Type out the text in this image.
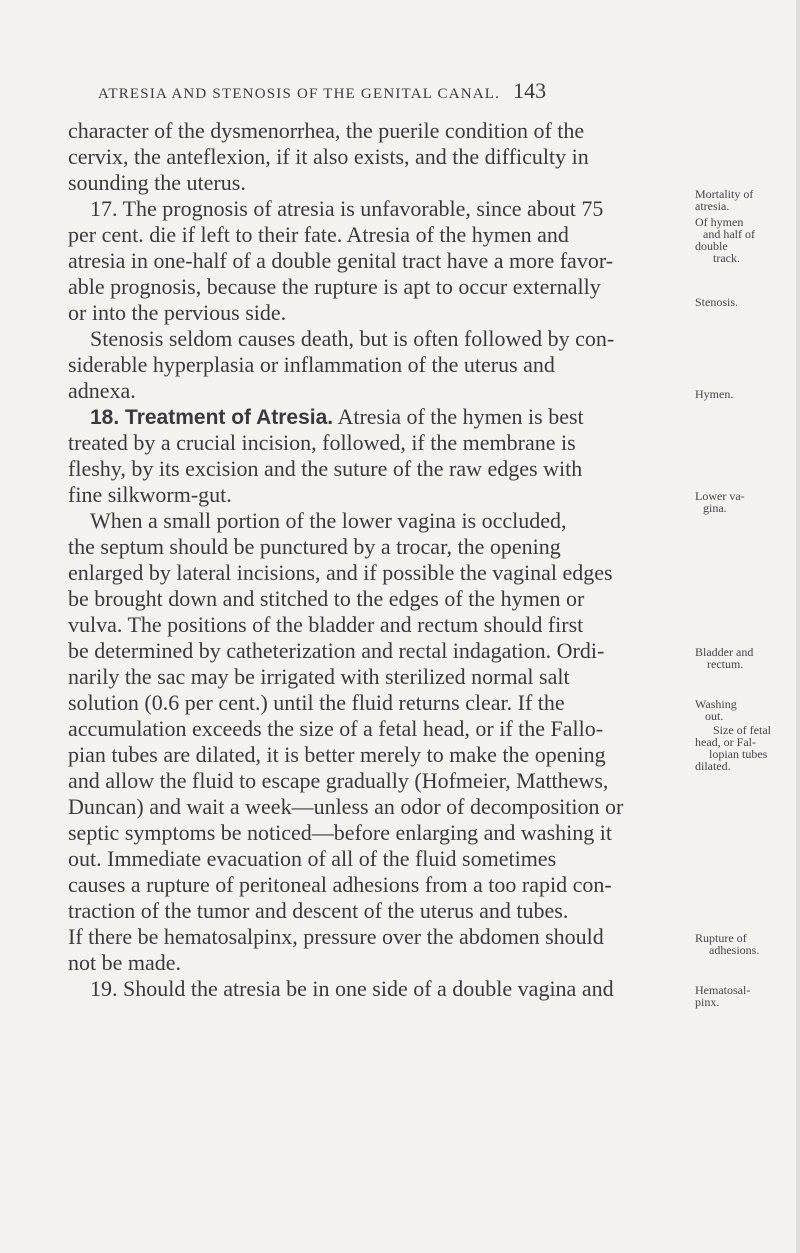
ATRESIA AND STENOSIS OF THE GENITAL CANAL. 143
character of the dysmenorrhea, the puerile condition of the
cervix, the anteflexion, if it also exists, and the difficulty in
sounding the uterus.
17. The prognosis of atresia is unfavorable, since about 75
per cent. die if left to their fate. Atresia of the hymen and
atresia in one-half of a double genital tract have a more favor-
able prognosis, because the rupture is apt to occur externally
or into the pervious side.
Stenosis seldom causes death, but is often followed by con-
siderable hyperplasia or inflammation of the uterus and
adnexa.
18. Treatment of Atresia. Atresia of the hymen is best
treated by a crucial incision, followed, if the membrane is
fleshy, by its excision and the suture of the raw edges with
fine silkworm-gut.
When a small portion of the lower vagina is occluded,
the septum should be punctured by a trocar, the opening
enlarged by lateral incisions, and if possible the vaginal edges
be brought down and stitched to the edges of the hymen or
vulva. The positions of the bladder and rectum should first
be determined by catheterization and rectal indagation. Ordi-
narily the sac may be irrigated with sterilized normal salt
solution (0.6 per cent.) until the fluid returns clear. If the
accumulation exceeds the size of a fetal head, or if the Fallo-
pian tubes are dilated, it is better merely to make the opening
and allow the fluid to escape gradually (Hofmeier, Matthews,
Duncan) and wait a week—unless an odor of decomposition or
septic symptoms be noticed—before enlarging and washing it
out. Immediate evacuation of all of the fluid sometimes
causes a rupture of peritoneal adhesions from a too rapid con-
traction of the tumor and descent of the uterus and tubes.
If there be hematosalpinx, pressure over the abdomen should
not be made.
19. Should the atresia be in one side of a double vagina and
Mortality of
atresia.
Of hymen
and half of
double
track.
Stenosis.
Hymen.
Lower va-
gina.
Bladder and
rectum.
Washing
out.
Size of fetal
head, or Fal-
lopian tubes
dilated.
Rupture of
adhesions.
Hematosal-
pinx.
